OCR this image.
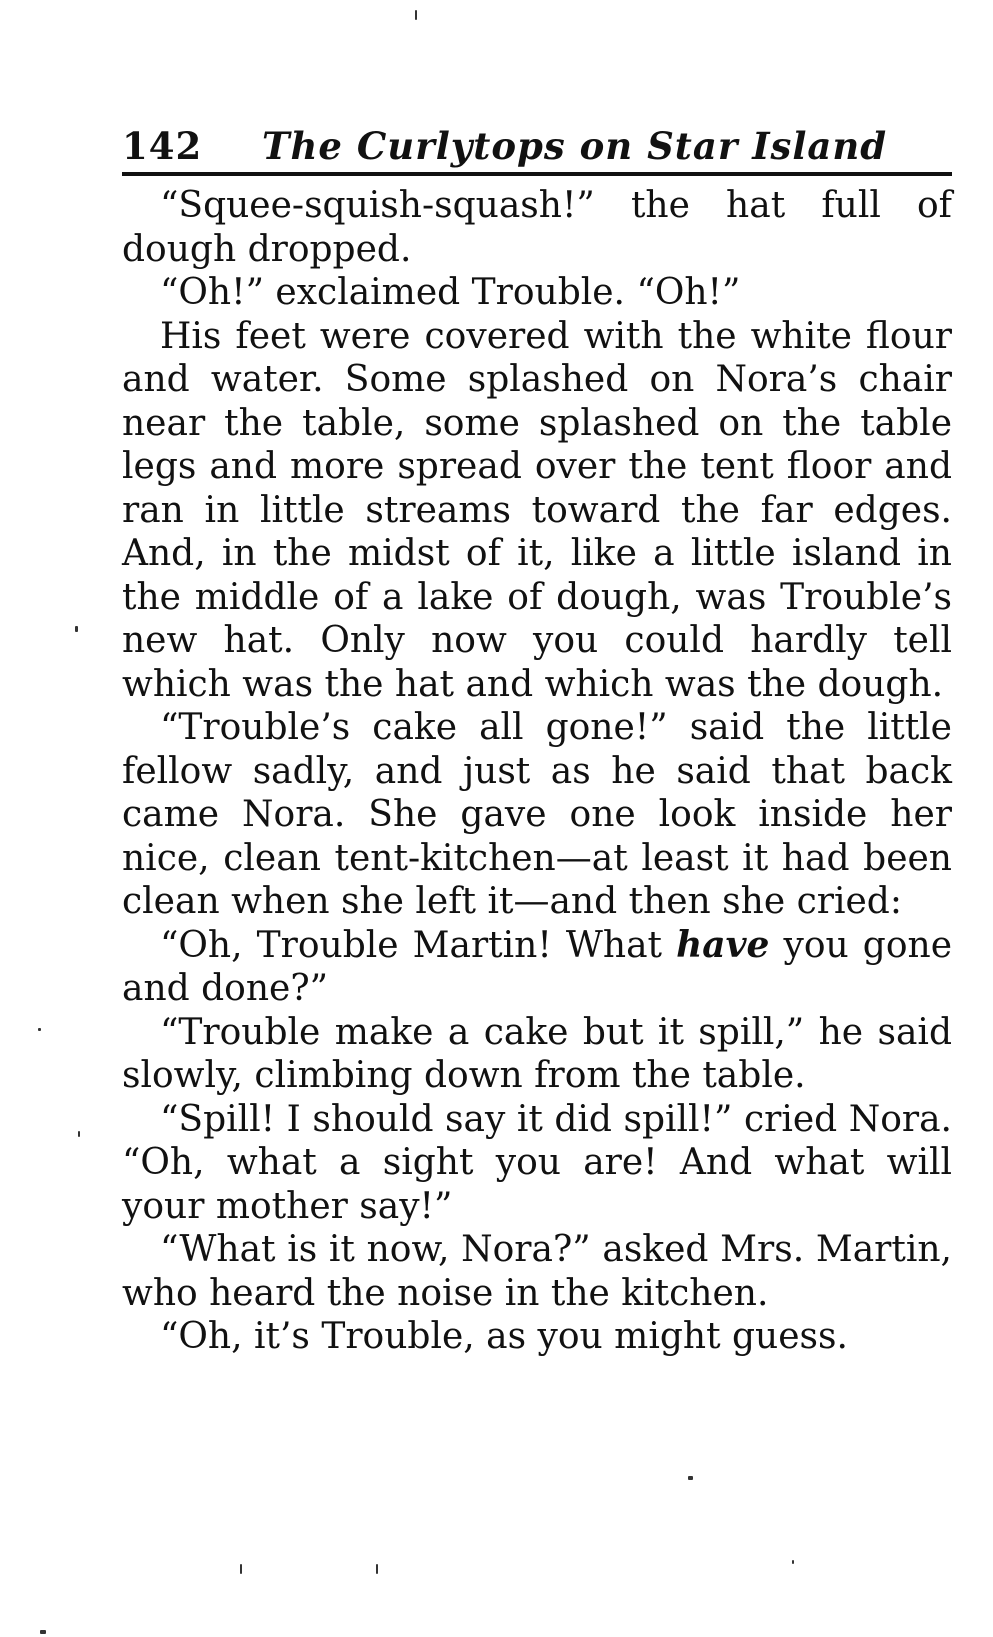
142 The Curlytops on Star Island

“Squee-squish-squash!” the hat full of dough dropped.

“Oh!” exclaimed Trouble. “Oh!”

His feet were covered with the white flour and water. Some splashed on Nora’s chair near the table, some splashed on the table legs and more spread over the tent floor and ran in little streams toward the far edges. And, in the midst of it, like a little island in the middle of a lake of dough, was Trouble’s new hat. Only now you could hardly tell which was the hat and which was the dough.

“Trouble’s cake all gone!” said the little fellow sadly, and just as he said that back came Nora. She gave one look inside her nice, clean tent-kitchen—at least it had been clean when she left it—and then she cried:

“Oh, Trouble Martin! What have you gone and done?”

“Trouble make a cake but it spill,” he said slowly, climbing down from the table.

“Spill! I should say it did spill!” cried Nora. “Oh, what a sight you are! And what will your mother say!”

“What is it now, Nora?” asked Mrs. Martin, who heard the noise in the kitchen.

“Oh, it’s Trouble, as you might guess.
